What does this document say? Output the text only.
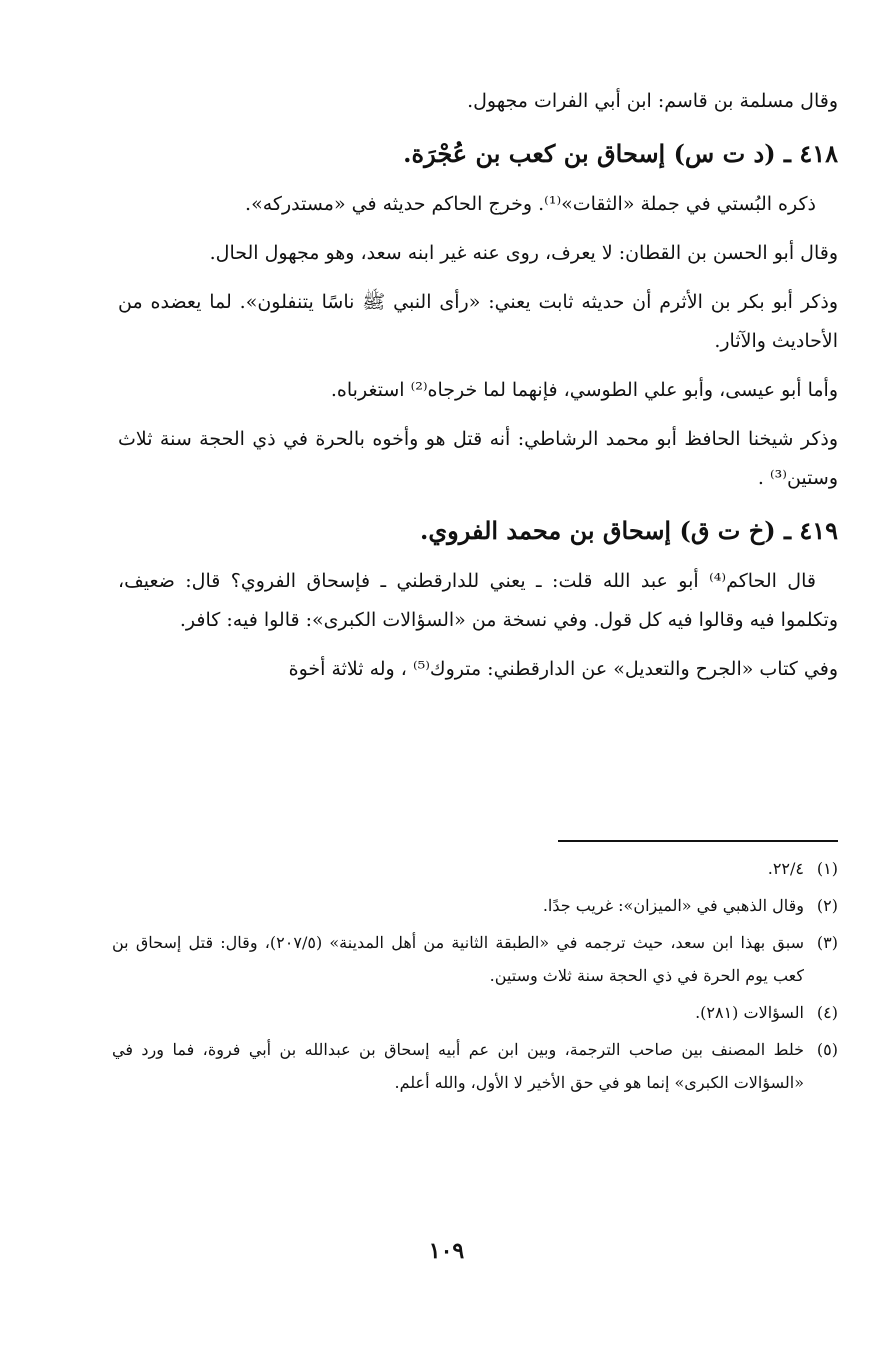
وقال مسلمة بن قاسم: ابن أبي الفرات مجهول.

٤١٨ ـ (د ت س) إسحاق بن كعب بن عُجْرَة.

ذكره البُستي في جملة «الثقات»⁽¹⁾. وخرج الحاكم حديثه في «مستدركه».

وقال أبو الحسن بن القطان: لا يعرف، روى عنه غير ابنه سعد، وهو مجهول الحال.

وذكر أبو بكر بن الأثرم أن حديثه ثابت يعني: «رأى النبي ﷺ ناسًا يتنفلون». لما يعضده من الأحاديث والآثار.

وأما أبو عيسى، وأبو علي الطوسي، فإنهما لما خرجاه⁽²⁾ استغرباه.

وذكر شيخنا الحافظ أبو محمد الرشاطي: أنه قتل هو وأخوه بالحرة في ذي الحجة سنة ثلاث وستين⁽³⁾ .

٤١٩ ـ (خ ت ق) إسحاق بن محمد الفروي.

قال الحاكم⁽⁴⁾ أبو عبد الله قلت: ـ يعني للدارقطني ـ فإسحاق الفروي؟ قال: ضعيف، وتكلموا فيه وقالوا فيه كل قول. وفي نسخة من «السؤالات الكبرى»: قالوا فيه: كافر.

وفي كتاب «الجرح والتعديل» عن الدارقطني: متروك⁽⁵⁾ ، وله ثلاثة أخوة

(١)
٢٢/٤.
(٢)
وقال الذهبي في «الميزان»: غريب جدًا.
(٣)
سبق بهذا ابن سعد، حيث ترجمه في «الطبقة الثانية من أهل المدينة» (٢٠٧/٥)، وقال: قتل إسحاق بن كعب يوم الحرة في ذي الحجة سنة ثلاث وستين.
(٤)
السؤالات (٢٨١).
(٥)
خلط المصنف بين صاحب الترجمة، وبين ابن عم أبيه إسحاق بن عبدالله بن أبي فروة، فما ورد في «السؤالات الكبرى» إنما هو في حق الأخير لا الأول، والله أعلم.
١٠٩
